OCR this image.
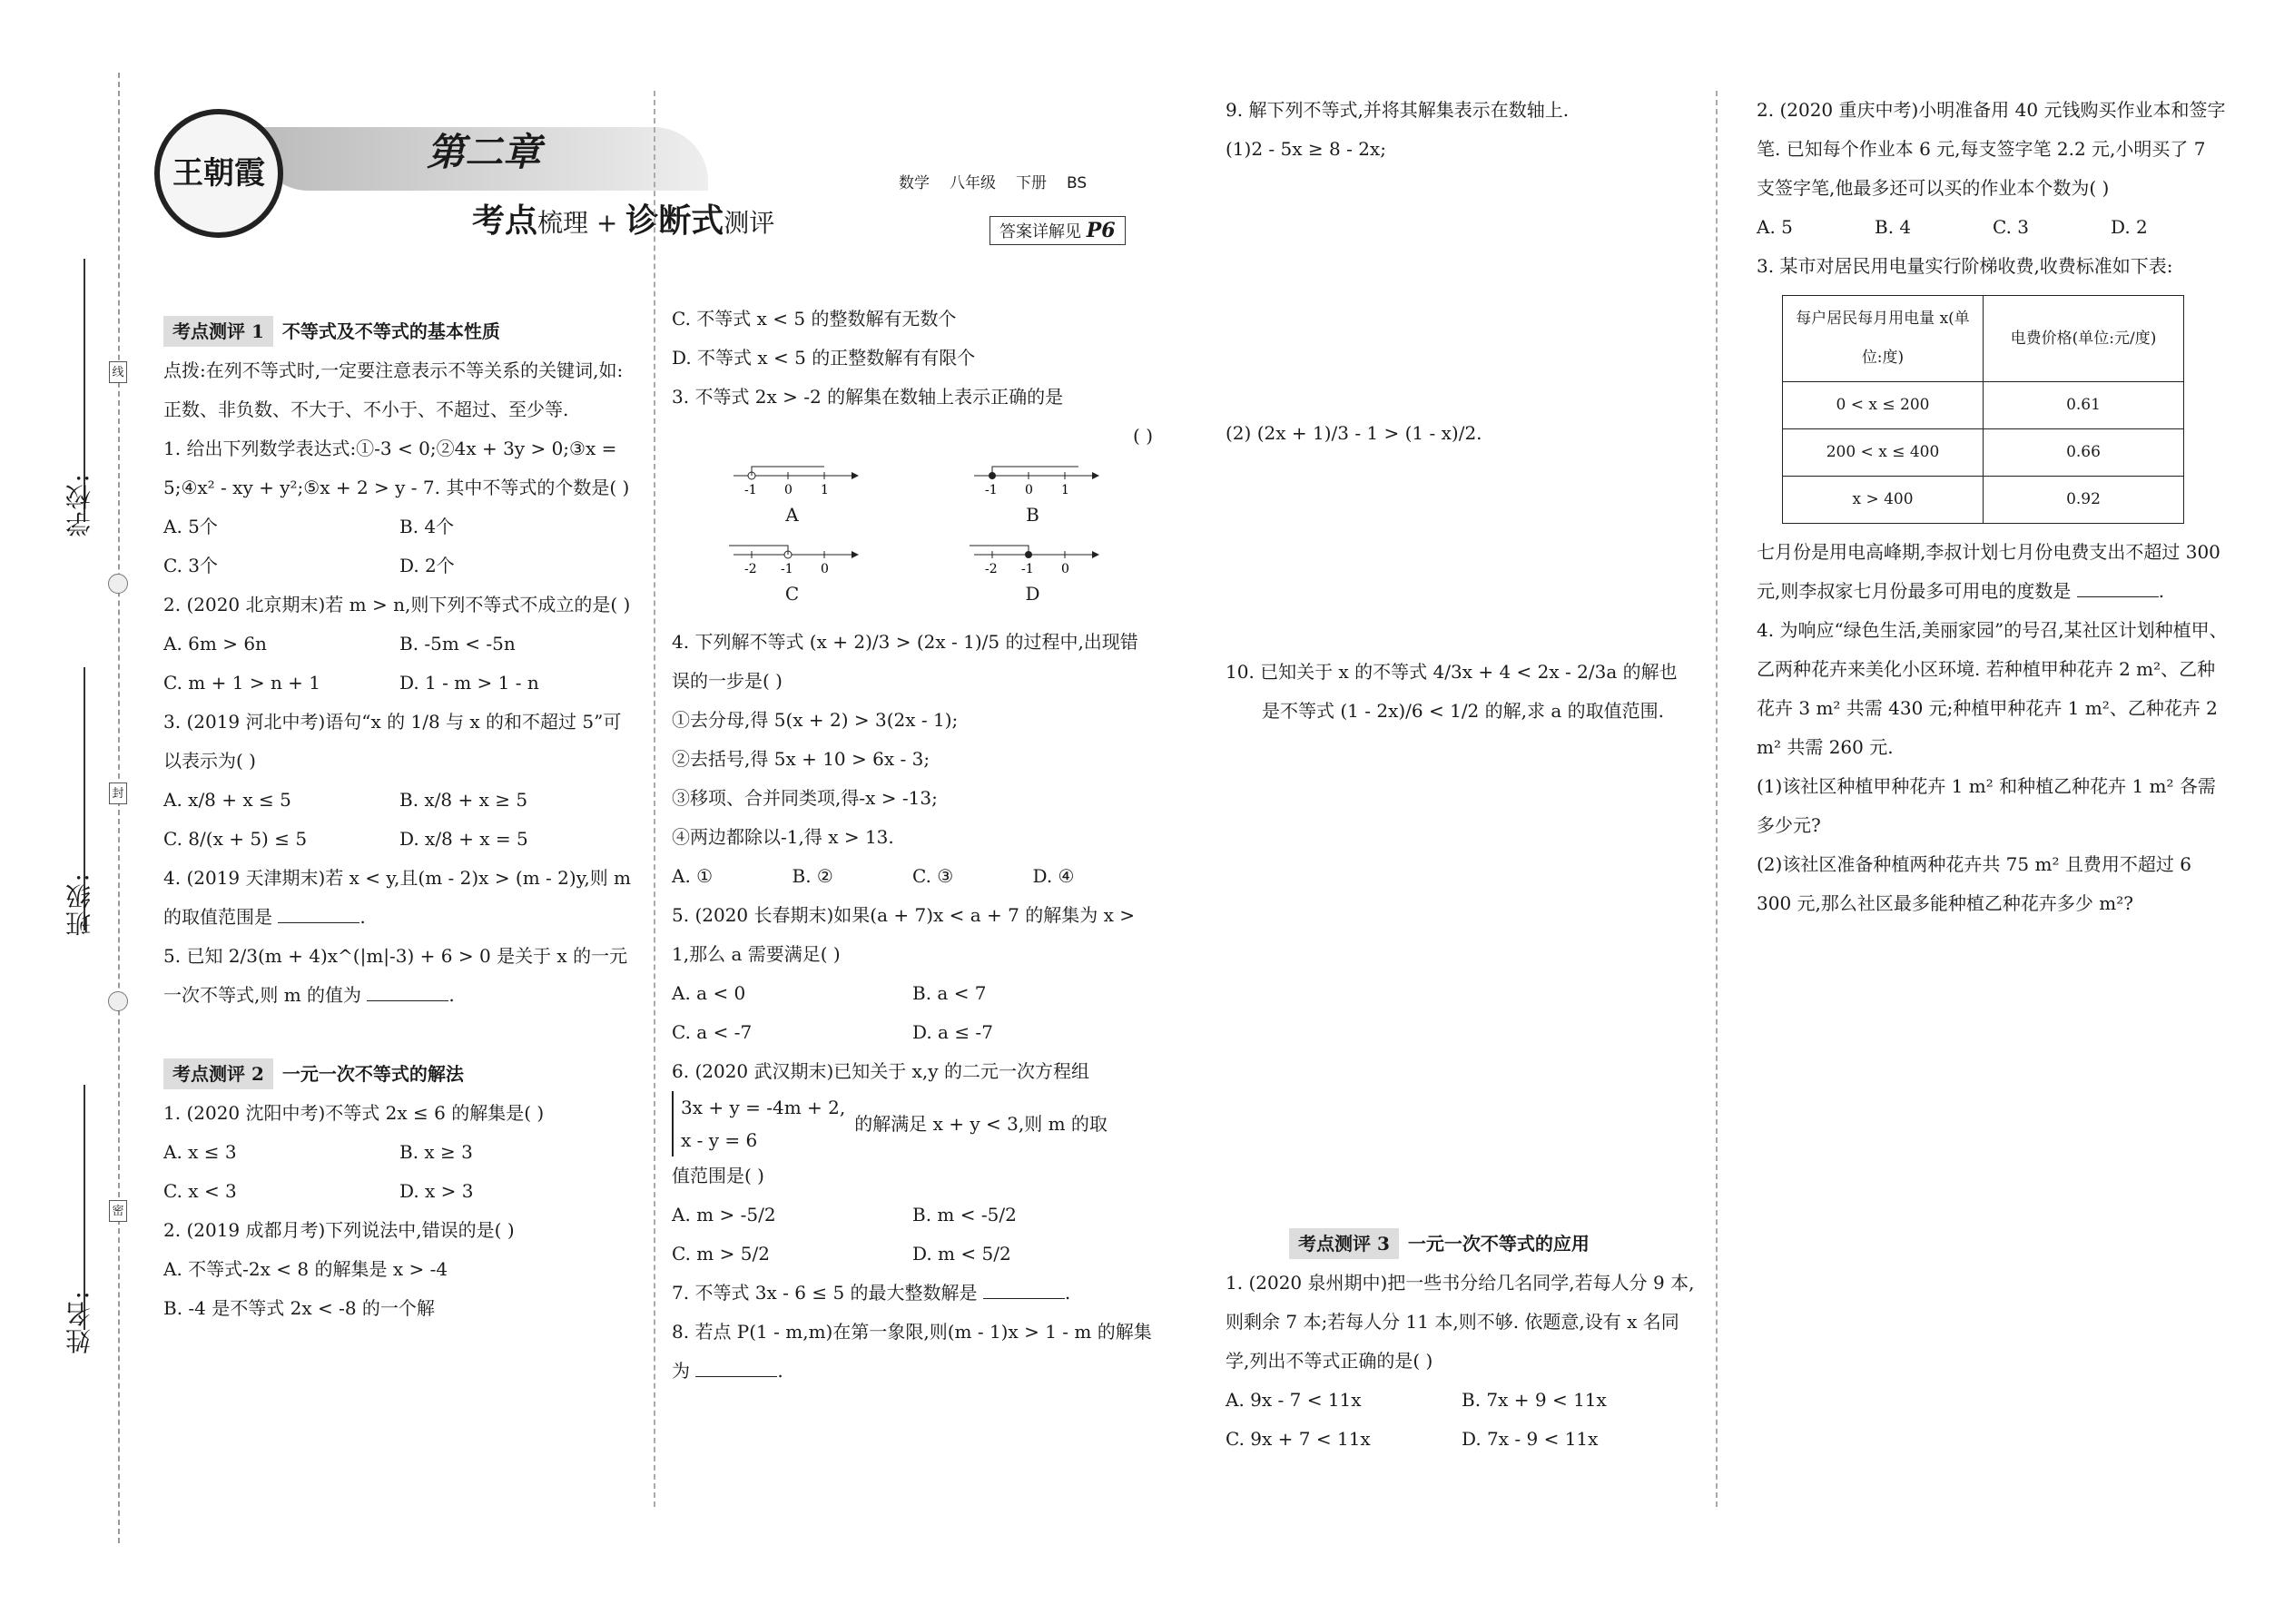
学校:
班级:
姓名:
线
封
密
王朝霞	第二章
考点梳理 + 诊断式测评
数学 八年级 下册 BS
答案详解见 P6
考点测评 1 不等式及不等式的基本性质

点拨:在列不等式时,一定要注意表示不等关系的关键词,如:正数、非负数、不大于、不小于、不超过、至少等.

1. 给出下列数学表达式:①-3 < 0;②4x + 3y > 0;③x = 5;④x² - xy + y²;⑤x + 2 > y - 7. 其中不等式的个数是( )

A. 5个	B. 4个
C. 3个	D. 2个

2. (2020 北京期末)若 m > n,则下列不等式不成立的是( )

A. 6m > 6n	B. -5m < -5n
C. m + 1 > n + 1	D. 1 - m > 1 - n

3. (2019 河北中考)语句“x 的 1/8 与 x 的和不超过 5”可以表示为( )

A. x/8 + x ≤ 5	B. x/8 + x ≥ 5
C. 8/(x + 5) ≤ 5	D. x/8 + x = 5

4. (2019 天津期末)若 x < y,且(m - 2)x > (m - 2)y,则 m 的取值范围是	.

5. 已知 2/3(m + 4)x^(|m|-3) + 6 > 0 是关于 x 的一元一次不等式,则 m 的值为	.

考点测评 2 一元一次不等式的解法

1. (2020 沈阳中考)不等式 2x ≤ 6 的解集是( )

A. x ≤ 3	B. x ≥ 3
C. x < 3	D. x > 3

2. (2019 成都月考)下列说法中,错误的是( )

A. 不等式-2x < 8 的解集是 x > -4

B. -4 是不等式 2x < -8 的一个解

C. 不等式 x < 5 的整数解有无数个

D. 不等式 x < 5 的正整数解有有限个

3. 不等式 2x > -2 的解集在数轴上表示正确的是

( )

-1 0 1
A
-1 0 1
B
-2 -1 0
C
-2 -1 0
D

4. 下列解不等式 (x + 2)/3 > (2x - 1)/5 的过程中,出现错误的一步是( )

①去分母,得 5(x + 2) > 3(2x - 1);

②去括号,得 5x + 10 > 6x - 3;

③移项、合并同类项,得-x > -13;

④两边都除以-1,得 x > 13.

A. ①	B. ②	C. ③	D. ④

5. (2020 长春期末)如果(a + 7)x < a + 7 的解集为 x > 1,那么 a 需要满足( )

A. a < 0	B. a < 7
C. a < -7	D. a ≤ -7

6. (2020 武汉期末)已知关于 x,y 的二元一次方程组

3x + y = -4m + 2,
x - y = 6
的解满足 x + y < 3,则 m 的取

值范围是( )

A. m > -5/2	B. m < -5/2
C. m > 5/2	D. m < 5/2

7. 不等式 3x - 6 ≤ 5 的最大整数解是	.

8. 若点 P(1 - m,m)在第一象限,则(m - 1)x > 1 - m 的解集为	.

9. 解下列不等式,并将其解集表示在数轴上.

(1)2 - 5x ≥ 8 - 2x;

(2) (2x + 1)/3 - 1 > (1 - x)/2.

10. 已知关于 x 的不等式 4/3x + 4 < 2x - 2/3a 的解也

是不等式 (1 - 2x)/6 < 1/2 的解,求 a 的取值范围.

考点测评 3 一元一次不等式的应用

1. (2020 泉州期中)把一些书分给几名同学,若每人分 9 本,则剩余 7 本;若每人分 11 本,则不够. 依题意,设有 x 名同学,列出不等式正确的是( )

A. 9x - 7 < 11x	B. 7x + 9 < 11x
C. 9x + 7 < 11x	D. 7x - 9 < 11x

2. (2020 重庆中考)小明准备用 40 元钱购买作业本和签字笔. 已知每个作业本 6 元,每支签字笔 2.2 元,小明买了 7 支签字笔,他最多还可以买的作业本个数为( )

A. 5	B. 4	C. 3	D. 2

3. 某市对居民用电量实行阶梯收费,收费标准如下表:

每户居民每月用电量 x(单位:度)	电费价格(单位:元/度)
0 < x ≤ 200	0.61
200 < x ≤ 400	0.66
x > 400	0.92

七月份是用电高峰期,李叔计划七月份电费支出不超过 300 元,则李叔家七月份最多可用电的度数是	.

4. 为响应“绿色生活,美丽家园”的号召,某社区计划种植甲、乙两种花卉来美化小区环境. 若种植甲种花卉 2 m²、乙种花卉 3 m² 共需 430 元;种植甲种花卉 1 m²、乙种花卉 2 m² 共需 260 元.

(1)该社区种植甲种花卉 1 m² 和种植乙种花卉 1 m² 各需多少元?

(2)该社区准备种植两种花卉共 75 m² 且费用不超过 6 300 元,那么社区最多能种植乙种花卉多少 m²?
